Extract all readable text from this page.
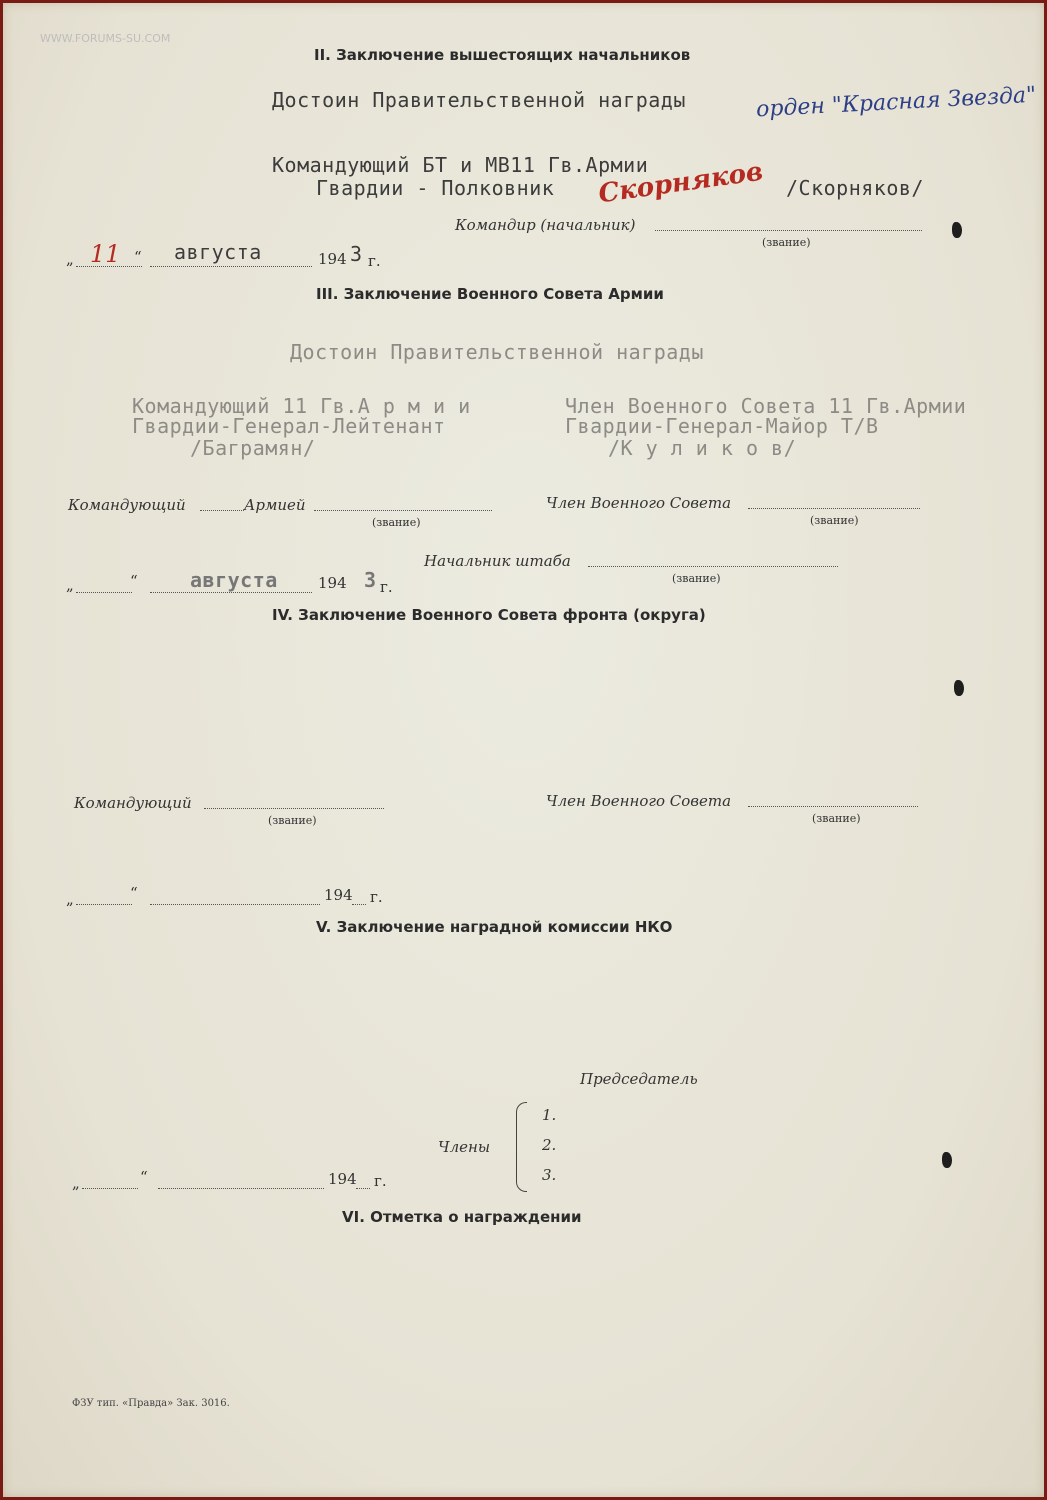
WWW.FORUMS-SU.COM
II. Заключение вышестоящих начальников
Достоин Правительственной награды	орден "Красная Звезда"
Командующий БТ и МВ11 Гв.Армии
Гвардии - Полковник Скорняков /Скорняков/
Командир (начальник)
(звание)
„ 11 “ августа	194 3 г.
III. Заключение Военного Совета Армии
Достоин Правительственной награды
Командующий 11 Гв.А р м и и
Гвардии-Генерал-Лейтенант
/Баграмян/
Член Военного Совета 11 Гв.Армии
Гвардии-Генерал-Майор Т/В
/К у л и к о в/
Командующий	Армией
(звание)
Член Военного Совета
(звание)
Начальник штаба
(звание)
„	“	августа	194 3 г.
IV. Заключение Военного Совета фронта (округа)
Командующий
(звание)
Член Военного Совета
(звание)
„	“	194 г.
V. Заключение наградной комиссии НКО
Председатель
Члены
1.
2.
3.
„	“	194 г.
VI. Отметка о награждении
ФЗУ тип. «Правда» Зак. 3016.
